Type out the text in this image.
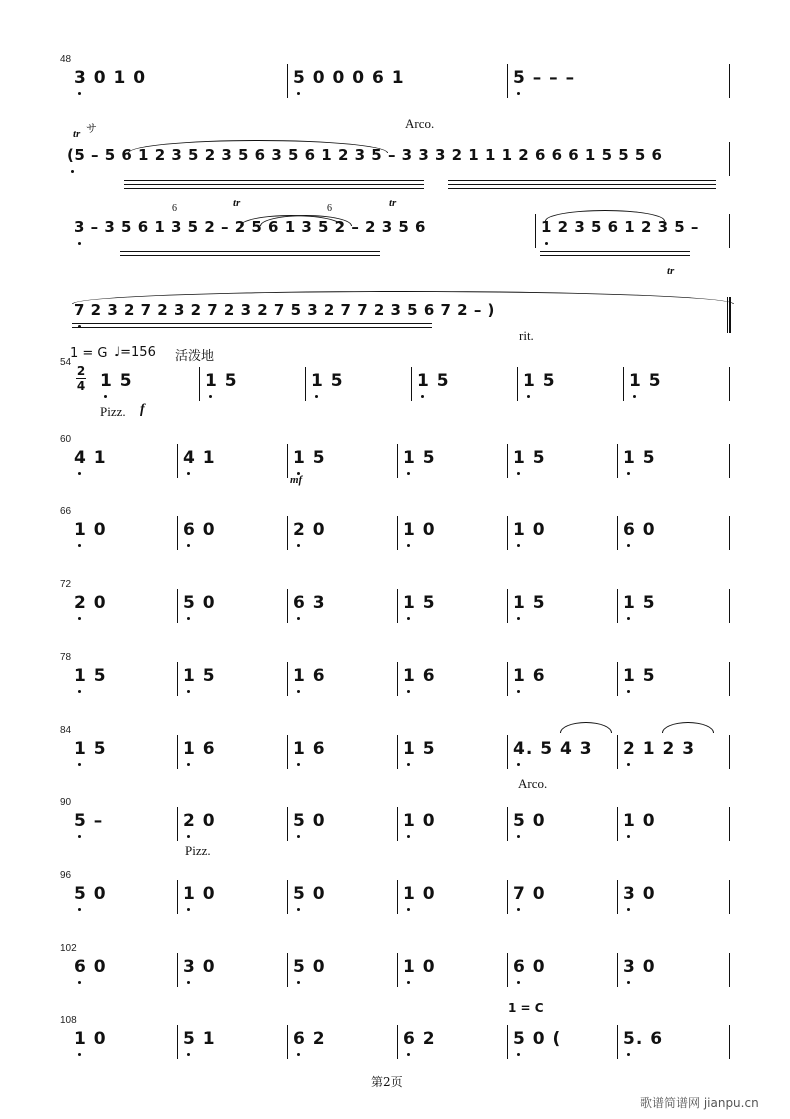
48
3 0 1 0	5 0 0 0 6 1	5 – – –
(5 – 5 6 1 2 3 5 2 3 5 6 3 5 6 1 2 3 5 – 3 3 3 2 1 1 1 2 6 6 6 1 5 5 5 6
3 – 3 5 6 1 3 5 2 – 2 5 6 1 3 5 2 – 2 3 5 6	1 2 3 5 6 1 2 3 5 –
7 2 3 2 7 2 3 2 7 2 3 2 7 5 3 2 7 7 2 3 5 6 7 2 – )
54
1 5	1 5	1 5	1 5	1 5	1 5
60
4 1	4 1	1 5	1 5	1 5	1 5
66
1 0	6 0	2 0	1 0	1 0	6 0
72
2 0	5 0	6 3	1 5	1 5	1 5
78
1 5	1 5	1 6	1 6	1 6	1 5
84
1 5	1 6	1 6	1 5	4. 5 4 3 2 1 2 3
90
5 –	2 0	5 0	1 0	5 0	1 0
96
5 0	1 0	5 0	1 0	7 0	3 0
102
6 0	3 0	5 0	1 0	6 0	3 0
108
1 0	5 1	6 2	6 2	5 0 (	5. 6
Arco.
tr サ
tr	tr
tr
6	6
rit.
1 = G ♩=156 活泼地
2
4
Pizz. f
mf
Arco.
Pizz.
1 = C
第2页
歌谱简谱网 jianpu.cn
